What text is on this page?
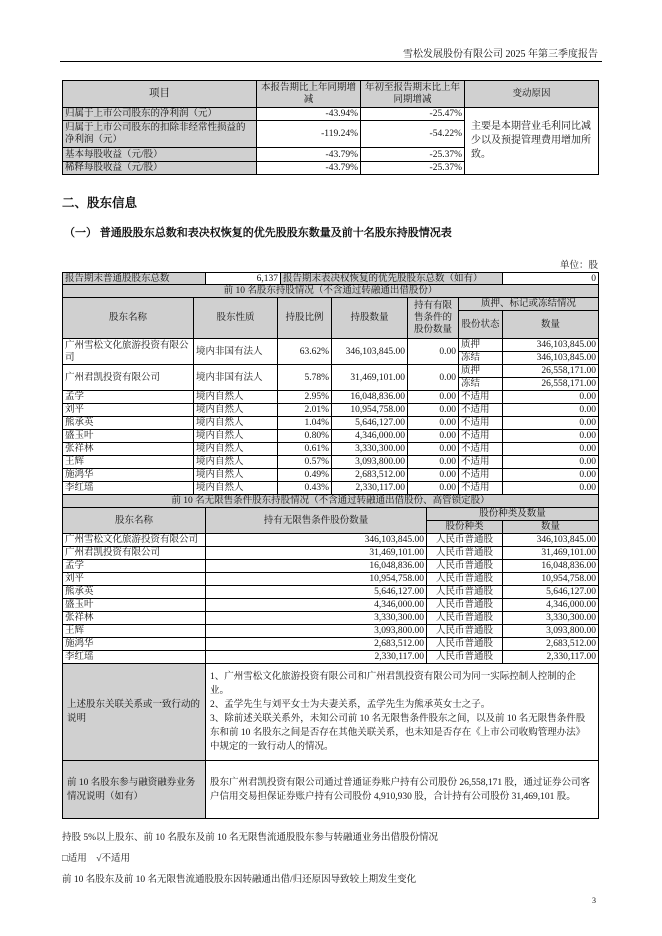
雪松发展股份有限公司 2025 年第三季度报告
项目	本报告期比上年同期增减	年初至报告期末比上年同期增减	变动原因
归属于上市公司股东的净利润（元）	-43.94%	-25.47%	主要是本期营业毛利同比减少以及预提管理费用增加所致。
归属于上市公司股东的扣除非经常性损益的净利润（元）	-119.24%	-54.22%	
基本每股收益（元/股）	-43.79%	-25.37%	
稀释每股收益（元/股）	-43.79%	-25.37%	
二、股东信息
（一） 普通股股东总数和表决权恢复的优先股股东数量及前十名股东持股情况表
单位：股
报告期末普通股股东总数	6,137	报告期末表决权恢复的优先股股东总数（如有）	0
前 10 名股东持股情况（不含通过转融通出借股份）						
股东名称	股东性质	持股比例	持股数量	持有有限售条件的股份数量	质押、标记或冻结情况	
					股份状态	数量

广州雪松文化旅游投资有限公司	境内非国有法人	63.62%	346,103,845.00	0.00	质押	346,103,845.00
					冻结	346,103,845.00
广州君凯投资有限公司	境内非国有法人	5.78%	31,469,101.00	0.00	质押	26,558,171.00
					冻结	26,558,171.00
孟学	境内自然人	2.95%	16,048,836.00	0.00	不适用	0.00
刘平	境内自然人	2.01%	10,954,758.00	0.00	不适用	0.00
熊承英	境内自然人	1.04%	5,646,127.00	0.00	不适用	0.00
盛玉叶	境内自然人	0.80%	4,346,000.00	0.00	不适用	0.00
张祥林	境内自然人	0.61%	3,330,300.00	0.00	不适用	0.00
王辉	境内自然人	0.57%	3,093,800.00	0.00	不适用	0.00
施鸿华	境内自然人	0.49%	2,683,512.00	0.00	不适用	0.00
李红瑶	境内自然人	0.43%	2,330,117.00	0.00	不适用	0.00
持股 5%以上股东、前 10 名股东及前 10 名无限售流通股股东参与转融通业务出借股份情况
□适用 √不适用
前 10 名股东及前 10 名无限售流通股股东因转融通出借/归还原因导致较上期发生变化
3
前 10 名无限售条件股东持股情况（不含通过转融通出借股份、高管锁定股）			
股东名称	持有无限售条件股份数量	股份种类及数量	
		股份种类	数量
广州雪松文化旅游投资有限公司	346,103,845.00	人民币普通股	346,103,845.00
广州君凯投资有限公司	31,469,101.00	人民币普通股	31,469,101.00
孟学	16,048,836.00	人民币普通股	16,048,836.00
刘平	10,954,758.00	人民币普通股	10,954,758.00
熊承英	5,646,127.00	人民币普通股	5,646,127.00
盛玉叶	4,346,000.00	人民币普通股	4,346,000.00
张祥林	3,330,300.00	人民币普通股	3,330,300.00
王辉	3,093,800.00	人民币普通股	3,093,800.00
施鸿华	2,683,512.00	人民币普通股	2,683,512.00
李红瑶	2,330,117.00	人民币普通股	2,330,117.00
上述股东关联关系或一致行动的说明	1、广州雪松文化旅游投资有限公司和广州君凯投资有限公司为同一实际控制人控制的企业。
2、孟学先生与刘平女士为夫妻关系，孟学先生为熊承英女士之子。
3、除前述关联关系外，未知公司前 10 名无限售条件股东之间，以及前 10 名无限售条件股东和前 10 名股东之间是否存在其他关联关系，也未知是否存在《上市公司收购管理办法》中规定的一致行动人的情况。		

前 10 名股东参与融资融券业务情况说明（如有）	股东广州君凯投资有限公司通过普通证券账户持有公司股份 26,558,171 股，通过证券公司客户信用交易担保证券账户持有公司股份 4,910,930 股，合计持有公司股份 31,469,101 股。		
